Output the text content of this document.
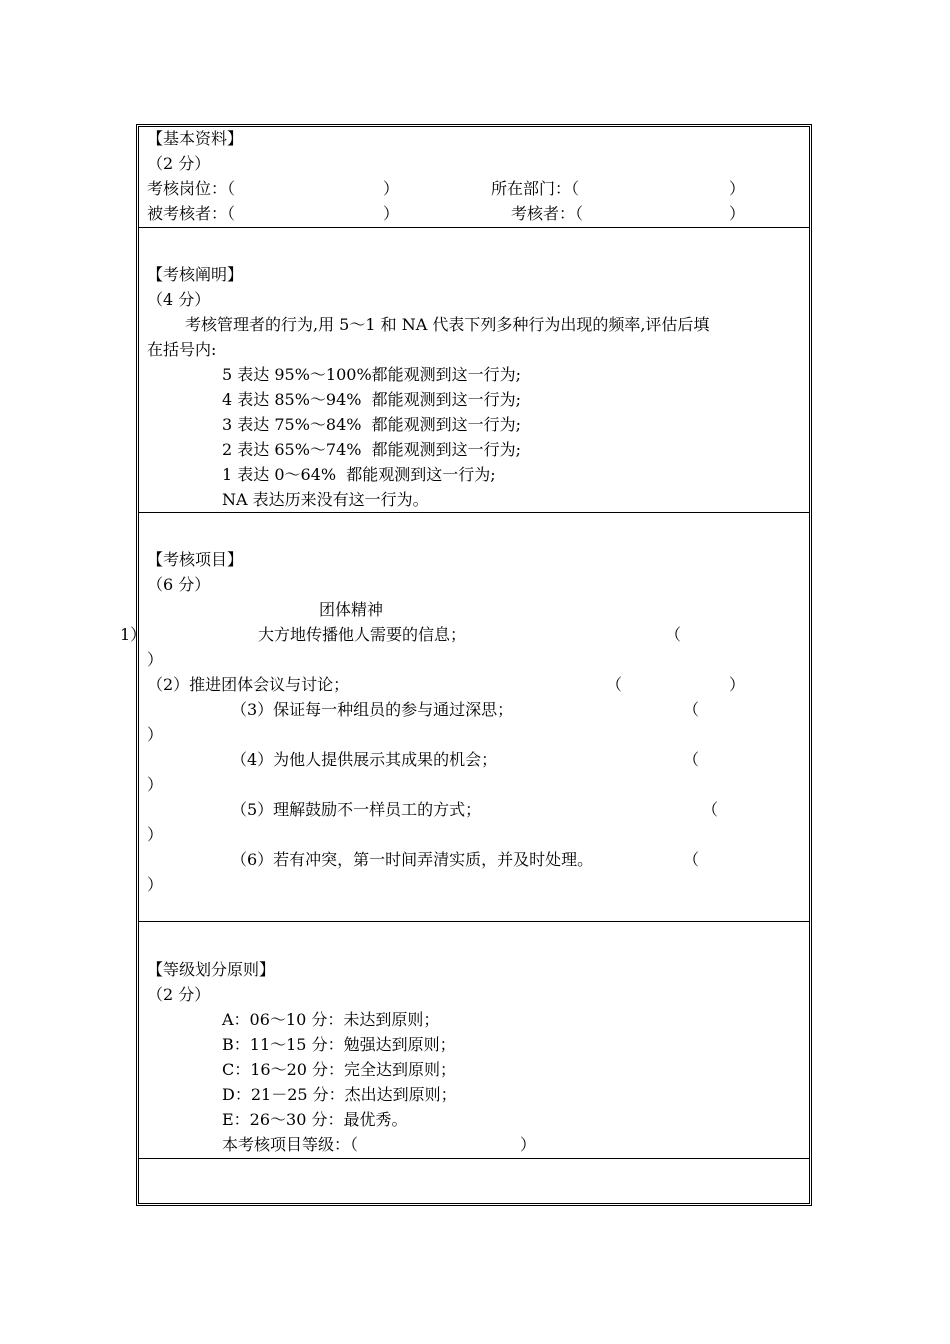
【基本资料】
（2 分）
考核岗位：（	）	所在部门：（	）
被考核者：（	）	考核者：（	）
【考核阐明】
（4 分）
考核管理者的行为,用 5～1 和 NA 代表下列多种行为出现的频率,评估后填
在括号内:
5 表达 95%～100%都能观测到这一行为;
4 表达 85%～94%  都能观测到这一行为;
3 表达 75%～84%  都能观测到这一行为;
2 表达 65%～74%  都能观测到这一行为;
1 表达 0～64%  都能观测到这一行为;
NA 表达历来没有这一行为。
【考核项目】
（6 分）
团体精神
1）	大方地传播他人需要的信息；	（
）
（2）推进团体会议与讨论；	（	）
（3）保证每一种组员的参与通过深思；	（
）
（4）为他人提供展示其成果的机会；	（
）
（5）理解鼓励不一样员工的方式；	（
）
（6）若有冲突，第一时间弄清实质，并及时处理。	（
）
【等级划分原则】
（2 分）
A：06～10 分：未达到原则；
B：11～15 分：勉强达到原则；
C：16～20 分：完全达到原则；
D：21－25 分：杰出达到原则；
E：26～30 分：最优秀。
本考核项目等级：（	）
